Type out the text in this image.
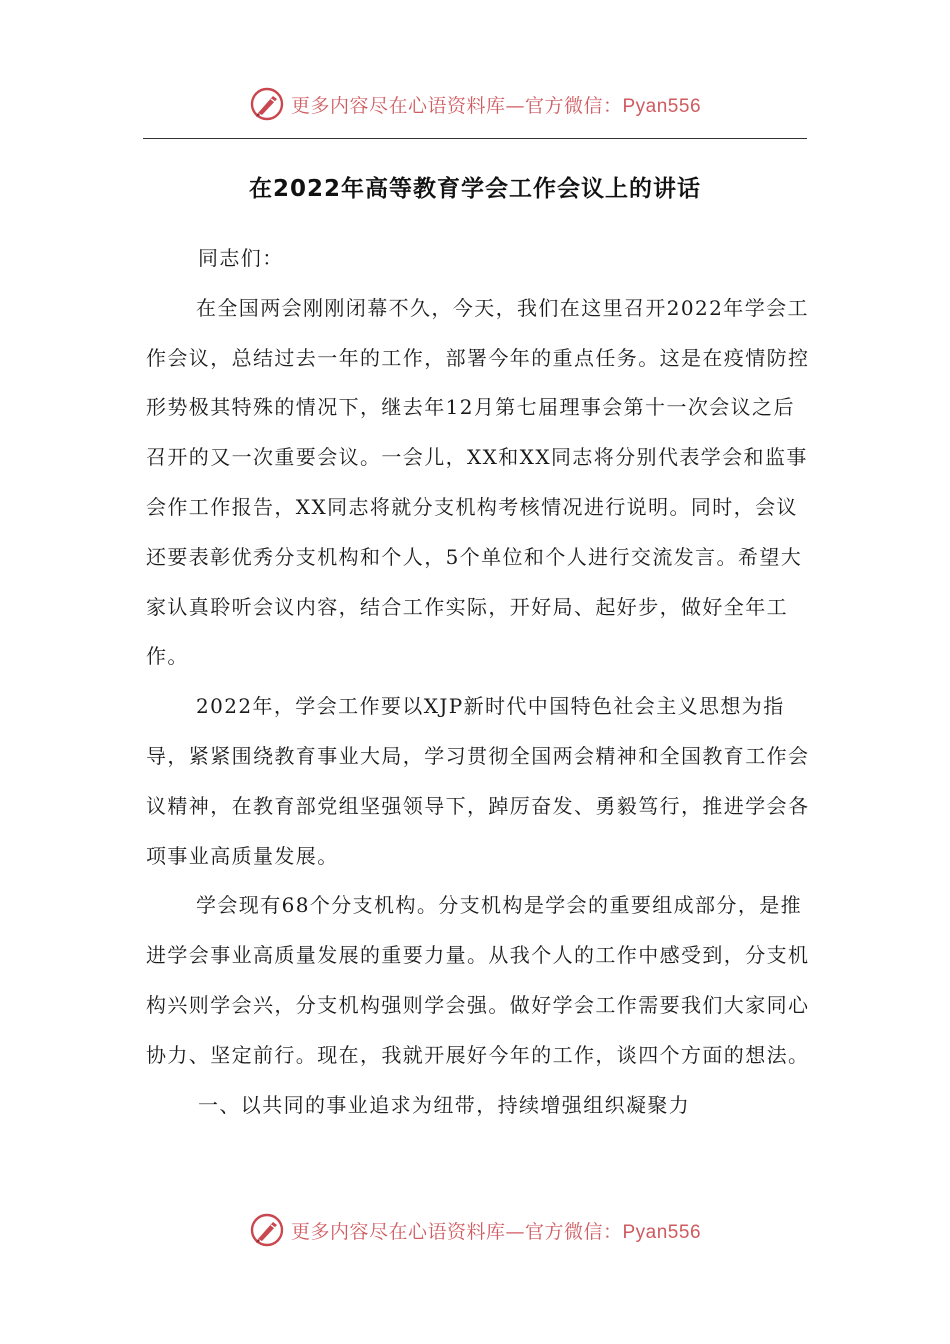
更多内容尽在心语资料库—官方微信：Pyan556
在2022年高等教育学会工作会议上的讲话

同志们：

在全国两会刚刚闭幕不久，今天，我们在这里召开2022年学会工作会议，总结过去一年的工作，部署今年的重点任务。这是在疫情防控形势极其特殊的情况下，继去年12月第七届理事会第十一次会议之后召开的又一次重要会议。一会儿，XX和XX同志将分别代表学会和监事会作工作报告，XX同志将就分支机构考核情况进行说明。同时，会议还要表彰优秀分支机构和个人，5个单位和个人进行交流发言。希望大家认真聆听会议内容，结合工作实际，开好局、起好步，做好全年工作。

2022年，学会工作要以XJP新时代中国特色社会主义思想为指导，紧紧围绕教育事业大局，学习贯彻全国两会精神和全国教育工作会议精神，在教育部党组坚强领导下，踔厉奋发、勇毅笃行，推进学会各项事业高质量发展。

学会现有68个分支机构。分支机构是学会的重要组成部分，是推进学会事业高质量发展的重要力量。从我个人的工作中感受到，分支机构兴则学会兴，分支机构强则学会强。做好学会工作需要我们大家同心协力、坚定前行。现在，我就开展好今年的工作，谈四个方面的想法。

一、以共同的事业追求为纽带，持续增强组织凝聚力

更多内容尽在心语资料库—官方微信：Pyan556
